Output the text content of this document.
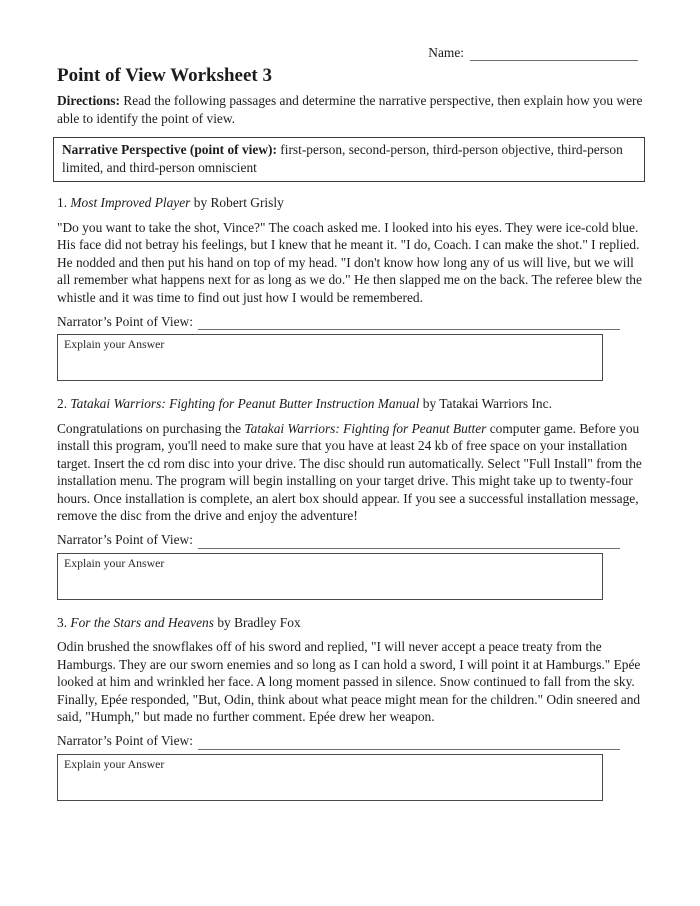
Name:
Point of View Worksheet 3
Directions: Read the following passages and determine the narrative perspective, then explain how you were able to identify the point of view.
Narrative Perspective (point of view): first-person, second-person, third-person objective, third-person limited, and third-person omniscient
1. Most Improved Player by Robert Grisly
"Do you want to take the shot, Vince?" The coach asked me. I looked into his eyes. They were ice-cold blue. His face did not betray his feelings, but I knew that he meant it. "I do, Coach. I can make the shot." I replied. He nodded and then put his hand on top of my head. "I don't know how long any of us will live, but we will all remember what happens next for as long as we do." He then slapped me on the back. The referee blew the whistle and it was time to find out just how I would be remembered.
Narrator’s Point of View:
Explain your Answer
2. Tatakai Warriors: Fighting for Peanut Butter Instruction Manual by Tatakai Warriors Inc.
Congratulations on purchasing the Tatakai Warriors: Fighting for Peanut Butter computer game. Before you install this program, you'll need to make sure that you have at least 24 kb of free space on your installation target. Insert the cd rom disc into your drive. The disc should run automatically. Select "Full Install" from the installation menu. The program will begin installing on your target drive. This might take up to twenty-four hours. Once installation is complete, an alert box should appear. If you see a successful installation message, remove the disc from the drive and enjoy the adventure!
Narrator’s Point of View:
Explain your Answer
3. For the Stars and Heavens by Bradley Fox
Odin brushed the snowflakes off of his sword and replied, "I will never accept a peace treaty from the Hamburgs. They are our sworn enemies and so long as I can hold a sword, I will point it at Hamburgs." Epée looked at him and wrinkled her face. A long moment passed in silence. Snow continued to fall from the sky. Finally, Epée responded, "But, Odin, think about what peace might mean for the children." Odin sneered and said, "Humph," but made no further comment. Epée drew her weapon.
Narrator’s Point of View:
Explain your Answer
